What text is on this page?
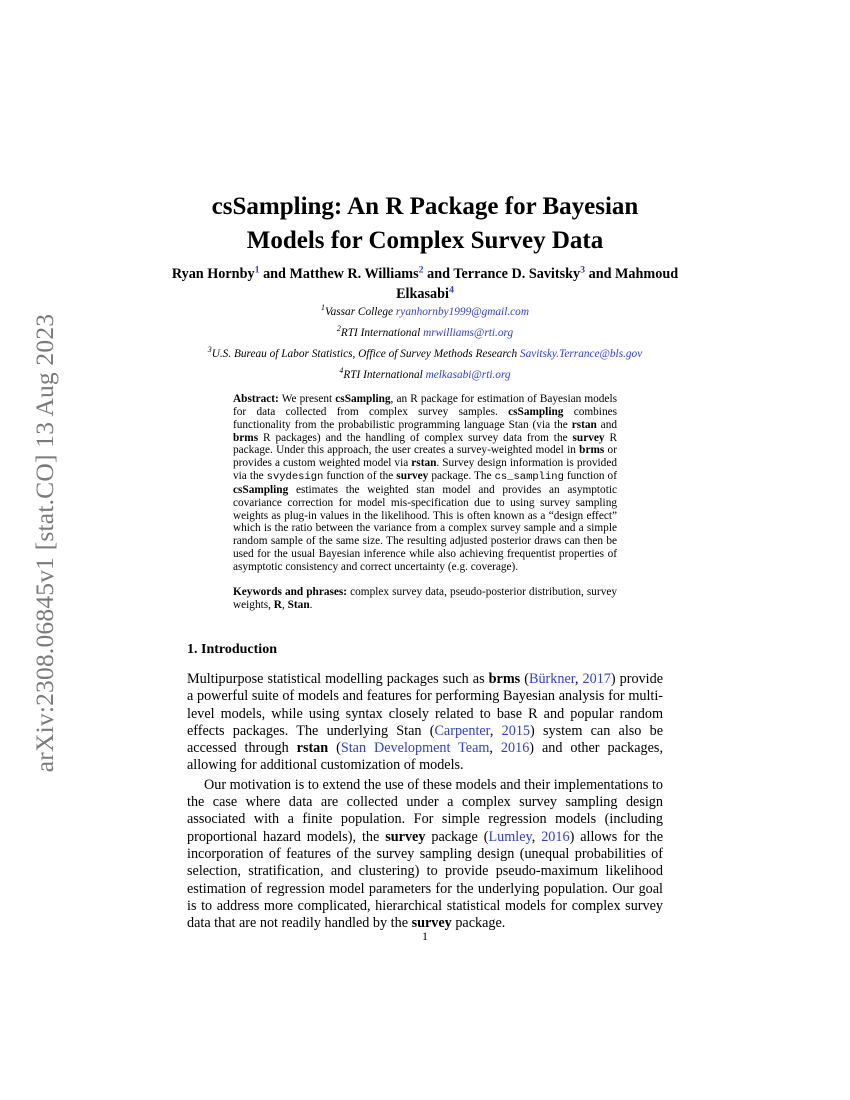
arXiv:2308.06845v1 [stat.CO] 13 Aug 2023
csSampling: An R Package for Bayesian
Models for Complex Survey Data
Ryan Hornby$^1$ and Matthew R. Williams$^2$ and Terrance D. Savitsky$^3$ and Mahmoud Elkasabi$^4$
$^1$Vassar College ryanhornby1999@gmail.com
$^2$RTI International mrwilliams@rti.org
$^3$U.S. Bureau of Labor Statistics, Office of Survey Methods Research Savitsky.Terrance@bls.gov
$^4$RTI International melkasabi@rti.org
Abstract: We present csSampling, an R package for estimation of Bayesian models for data collected from complex survey samples. csSampling combines functionality from the probabilistic programming language Stan (via the rstan and brms R packages) and the handling of complex survey data from the survey R package. Under this approach, the user creates a survey-weighted model in brms or provides a custom weighted model via rstan. Survey design information is provided via the svydesign function of the survey package. The cs_sampling function of csSampling estimates the weighted stan model and provides an asymptotic covariance correction for model mis-specification due to using survey sampling weights as plug-in values in the likelihood. This is often known as a “design effect” which is the ratio between the variance from a complex survey sample and a simple random sample of the same size. The resulting adjusted posterior draws can then be used for the usual Bayesian inference while also achieving frequentist properties of asymptotic consistency and correct uncertainty (e.g. coverage).
Keywords and phrases: complex survey data, pseudo-posterior distribution, survey weights, R, Stan.
1. Introduction

Multipurpose statistical modelling packages such as brms (Bürkner, 2017) provide a powerful suite of models and features for performing Bayesian analysis for multi-level models, while using syntax closely related to base R and popular random effects packages. The underlying Stan (Carpenter, 2015) system can also be accessed through rstan (Stan Development Team, 2016) and other packages, allowing for additional customization of models.

Our motivation is to extend the use of these models and their implementations to the case where data are collected under a complex survey sampling design associated with a finite population. For simple regression models (including proportional hazard models), the survey package (Lumley, 2016) allows for the incorporation of features of the survey sampling design (unequal probabilities of selection, stratification, and clustering) to provide pseudo-maximum likelihood estimation of regression model parameters for the underlying population. Our goal is to address more complicated, hierarchical statistical models for complex survey data that are not readily handled by the survey package.

1
